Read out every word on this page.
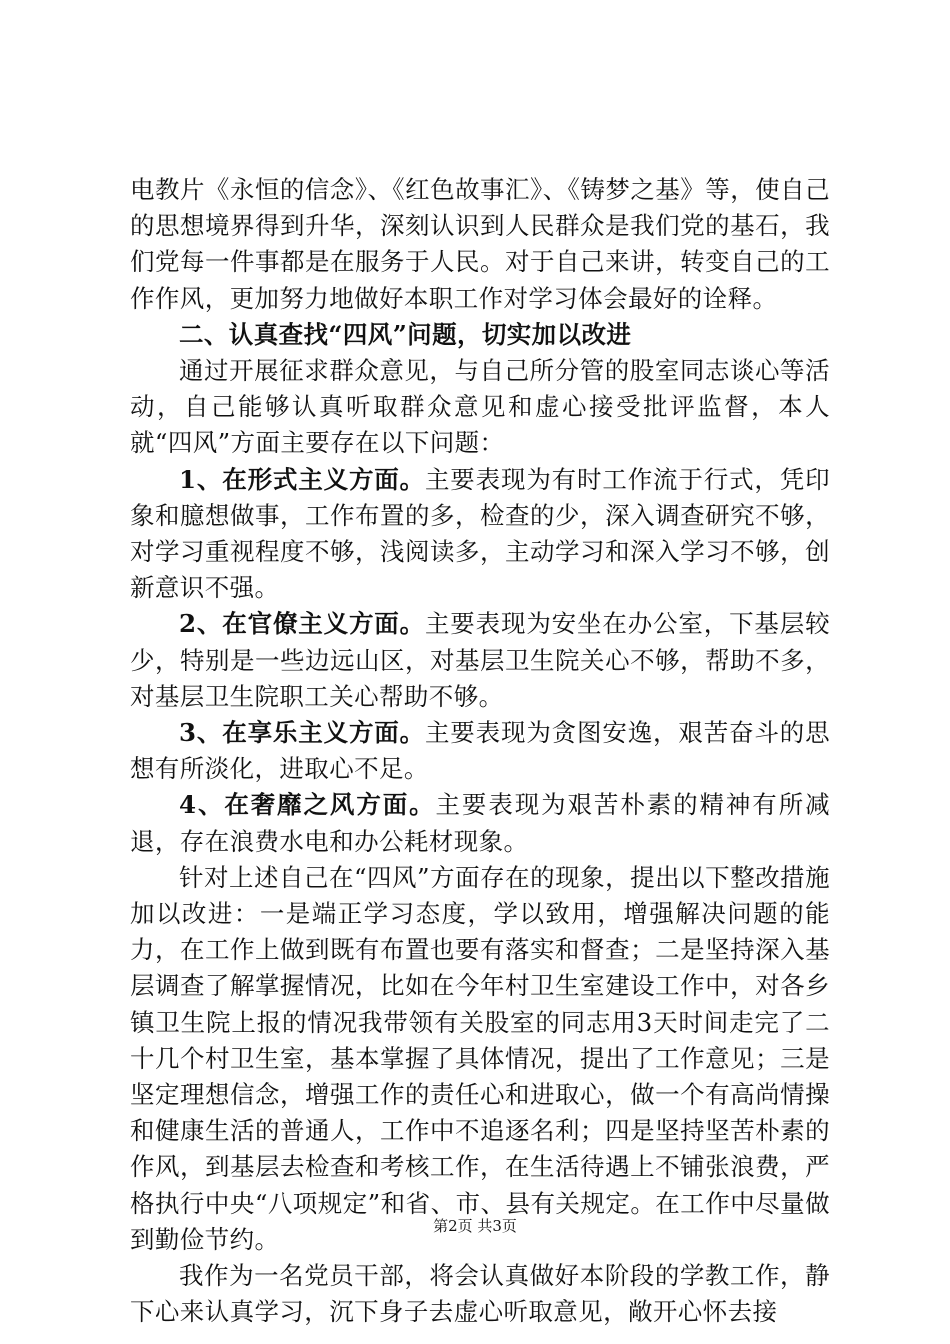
电教片《永恒的信念》、《红色故事汇》、《铸梦之基》等，使自己的思想境界得到升华，深刻认识到人民群众是我们党的基石，我们党每一件事都是在服务于人民。对于自己来讲，转变自己的工作作风，更加努力地做好本职工作对学习体会最好的诠释。

二、认真查找“四风”问题，切实加以改进

通过开展征求群众意见，与自己所分管的股室同志谈心等活动，自己能够认真听取群众意见和虚心接受批评监督，本人就“四风”方面主要存在以下问题：

1、在形式主义方面。主要表现为有时工作流于行式，凭印象和臆想做事，工作布置的多，检查的少，深入调查研究不够，对学习重视程度不够，浅阅读多，主动学习和深入学习不够，创新意识不强。

2、在官僚主义方面。主要表现为安坐在办公室，下基层较少，特别是一些边远山区，对基层卫生院关心不够，帮助不多，对基层卫生院职工关心帮助不够。

3、在享乐主义方面。主要表现为贪图安逸，艰苦奋斗的思想有所淡化，进取心不足。

4、在奢靡之风方面。主要表现为艰苦朴素的精神有所减退，存在浪费水电和办公耗材现象。

针对上述自己在“四风”方面存在的现象，提出以下整改措施加以改进：一是端正学习态度，学以致用，增强解决问题的能力，在工作上做到既有布置也要有落实和督查；二是坚持深入基层调查了解掌握情况，比如在今年村卫生室建设工作中，对各乡镇卫生院上报的情况我带领有关股室的同志用3天时间走完了二十几个村卫生室，基本掌握了具体情况，提出了工作意见；三是坚定理想信念，增强工作的责任心和进取心，做一个有高尚情操和健康生活的普通人，工作中不追逐名利；四是坚持坚苦朴素的作风，到基层去检查和考核工作，在生活待遇上不铺张浪费，严格执行中央“八项规定”和省、市、县有关规定。在工作中尽量做到勤俭节约。

我作为一名党员干部，将会认真做好本阶段的学教工作，静下心来认真学习，沉下身子去虚心听取意见，敞开心怀去接

第2页 共3页
